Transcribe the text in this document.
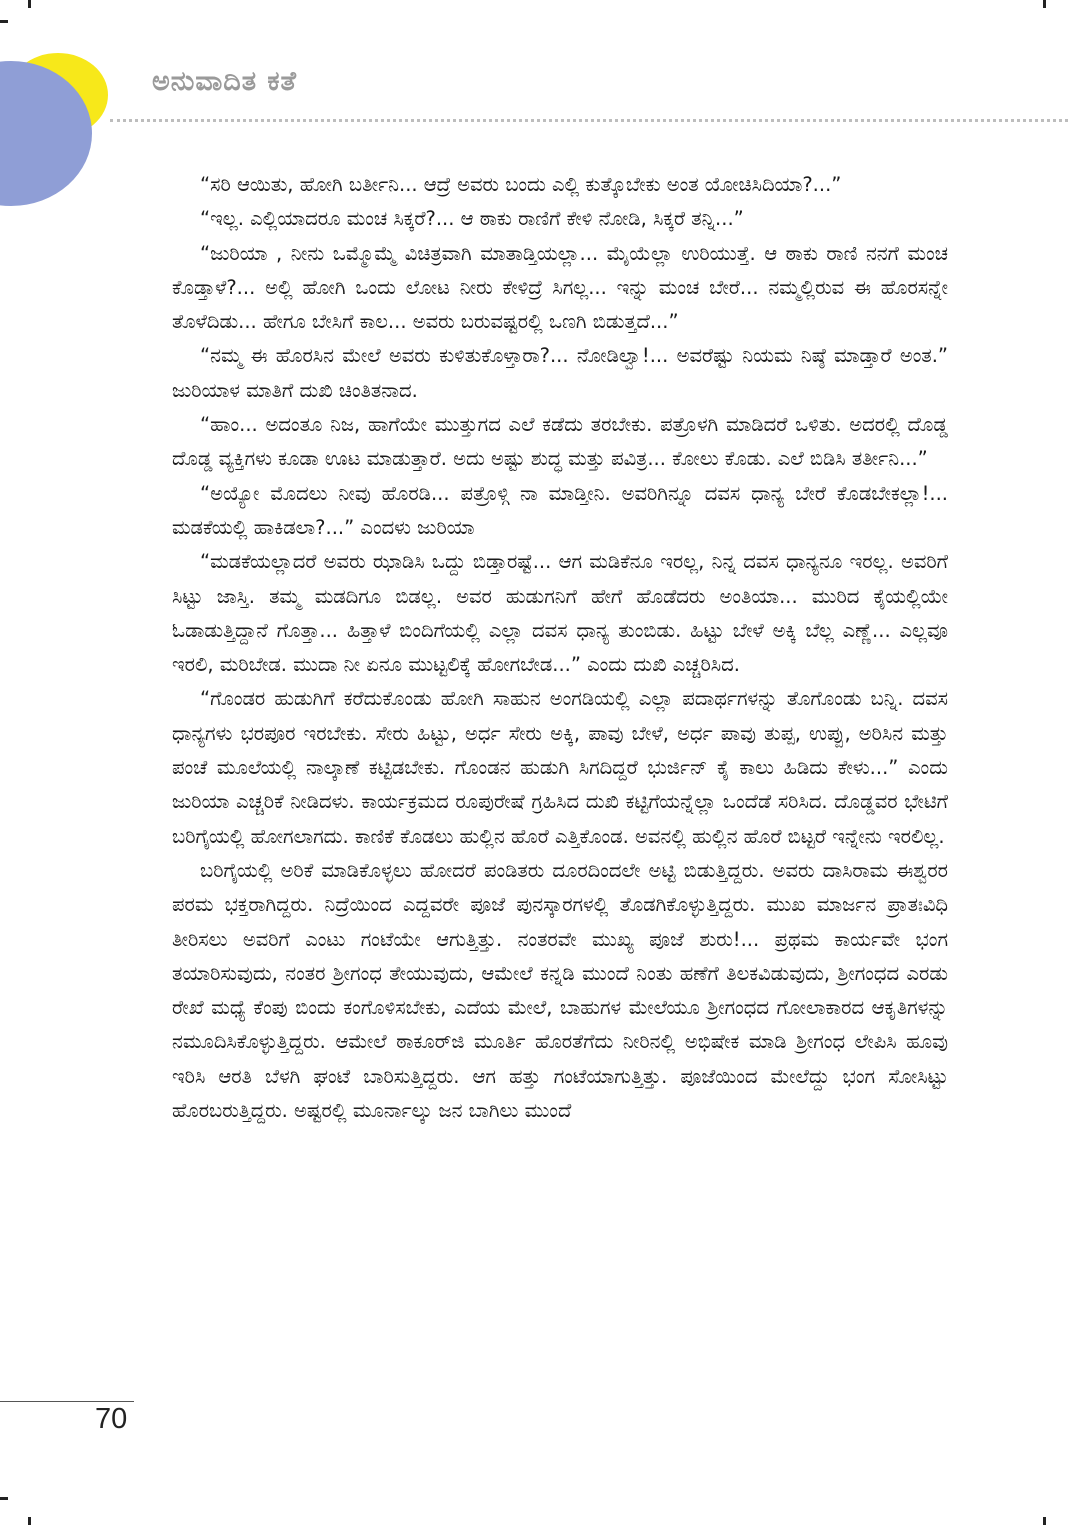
ಅನುವಾದಿತ ಕತೆ

“ಸರಿ ಆಯಿತು, ಹೋಗಿ ಬರ್ತೀನಿ... ಆದ್ರೆ ಅವರು ಬಂದು ಎಲ್ಲಿ ಕುತ್ಕೊಬೇಕು ಅಂತ ಯೋಚಿಸಿದಿಯಾ?...”

“ಇಲ್ಲ. ಎಲ್ಲಿಯಾದರೂ ಮಂಚ ಸಿಕ್ಕರೆ?... ಆ ಠಾಕು ರಾಣಿಗೆ ಕೇಳಿ ನೋಡಿ, ಸಿಕ್ಕರೆ ತನ್ನಿ...”

“ಜುರಿಯಾ , ನೀನು ಒಮ್ಮೊಮ್ಮೆ ವಿಚಿತ್ರವಾಗಿ ಮಾತಾಡ್ತಿಯಲ್ಲಾ... ಮೈಯೆಲ್ಲಾ ಉರಿಯುತ್ತೆ. ಆ ಠಾಕು ರಾಣಿ ನನಗೆ ಮಂಚ ಕೊಡ್ತಾಳೆ?... ಅಲ್ಲಿ ಹೋಗಿ ಒಂದು ಲೋಟ ನೀರು ಕೇಳಿದ್ರೆ ಸಿಗಲ್ಲ... ಇನ್ನು ಮಂಚ ಬೇರೆ... ನಮ್ಮಲ್ಲಿರುವ ಈ ಹೊರಸನ್ನೇ ತೊಳೆದಿಡು... ಹೇಗೂ ಬೇಸಿಗೆ ಕಾಲ... ಅವರು ಬರುವಷ್ಟರಲ್ಲಿ ಒಣಗಿ ಬಿಡುತ್ತದೆ...”

“ನಮ್ಮ ಈ ಹೊರಸಿನ ಮೇಲೆ ಅವರು ಕುಳಿತುಕೊಳ್ತಾರಾ?... ನೋಡಿಲ್ವಾ!... ಅವರೆಷ್ಟು ನಿಯಮ ನಿಷ್ಠೆ ಮಾಡ್ತಾರೆ ಅಂತ.” ಜುರಿಯಾಳ ಮಾತಿಗೆ ದುಖಿ ಚಿಂತಿತನಾದ.

“ಹಾಂ... ಅದಂತೂ ನಿಜ, ಹಾಗೆಯೇ ಮುತ್ತುಗದ ಎಲೆ ಕಡೆದು ತರಬೇಕು. ಪತ್ರೊಳಗಿ ಮಾಡಿದರೆ ಒಳಿತು. ಅದರಲ್ಲಿ ದೊಡ್ಡ ದೊಡ್ಡ ವ್ಯಕ್ತಿಗಳು ಕೂಡಾ ಊಟ ಮಾಡುತ್ತಾರೆ. ಅದು ಅಷ್ಟು ಶುದ್ಧ ಮತ್ತು ಪವಿತ್ರ... ಕೋಲು ಕೊಡು. ಎಲೆ ಬಿಡಿಸಿ ತರ್ತೀನಿ...”

“ಅಯ್ಯೋ ಮೊದಲು ನೀವು ಹೊರಡಿ... ಪತ್ರೊಳ್ಗಿ ನಾ ಮಾಡ್ತೀನಿ. ಅವರಿಗಿನ್ನೂ ದವಸ ಧಾನ್ಯ ಬೇರೆ ಕೊಡಬೇಕಲ್ಲಾ!... ಮಡಕೆಯಲ್ಲಿ ಹಾಕಿಡಲಾ?...” ಎಂದಳು ಜುರಿಯಾ

“ಮಡಕೆಯಲ್ಲಾದರೆ ಅವರು ಝಾಡಿಸಿ ಒದ್ದು ಬಿಡ್ತಾರಷ್ಟೆ... ಆಗ ಮಡಿಕೆನೂ ಇರಲ್ಲ, ನಿನ್ನ ದವಸ ಧಾನ್ಯನೂ ಇರಲ್ಲ. ಅವರಿಗೆ ಸಿಟ್ಟು ಜಾಸ್ತಿ. ತಮ್ಮ ಮಡದಿಗೂ ಬಿಡಲ್ಲ. ಅವರ ಹುಡುಗನಿಗೆ ಹೇಗೆ ಹೊಡೆದರು ಅಂತಿಯಾ... ಮುರಿದ ಕೈಯಲ್ಲಿಯೇ ಓಡಾಡುತ್ತಿದ್ದಾನೆ ಗೊತ್ತಾ... ಹಿತ್ತಾಳೆ ಬಿಂದಿಗೆಯಲ್ಲಿ ಎಲ್ಲಾ ದವಸ ಧಾನ್ಯ ತುಂಬಿಡು. ಹಿಟ್ಟು ಬೇಳೆ ಅಕ್ಕಿ ಬೆಲ್ಲ ಎಣ್ಣೆ... ಎಲ್ಲವೂ ಇರಲಿ, ಮರಿಬೇಡ. ಮುದಾ ನೀ ಏನೂ ಮುಟ್ಟಲಿಕ್ಕೆ ಹೋಗಬೇಡ...” ಎಂದು ದುಖಿ ಎಚ್ಚರಿಸಿದ.

“ಗೊಂಡರ ಹುಡುಗಿಗೆ ಕರೆದುಕೊಂಡು ಹೋಗಿ ಸಾಹುನ ಅಂಗಡಿಯಲ್ಲಿ ಎಲ್ಲಾ ಪದಾರ್ಥಗಳನ್ನು ತೊಗೊಂಡು ಬನ್ನಿ. ದವಸ ಧಾನ್ಯಗಳು ಭರಪೂರ ಇರಬೇಕು. ಸೇರು ಹಿಟ್ಟು, ಅರ್ಧ ಸೇರು ಅಕ್ಕಿ, ಪಾವು ಬೇಳೆ, ಅರ್ಧ ಪಾವು ತುಪ್ಪ, ಉಪ್ಪು, ಅರಿಸಿನ ಮತ್ತು ಪಂಚೆ ಮೂಲೆಯಲ್ಲಿ ನಾಲ್ಕಾಣೆ ಕಟ್ಟಿಡಬೇಕು. ಗೊಂಡನ ಹುಡುಗಿ ಸಿಗದಿದ್ದರೆ ಭುರ್ಜಿನ್ ಕೈ ಕಾಲು ಹಿಡಿದು ಕೇಳು...” ಎಂದು ಜುರಿಯಾ ಎಚ್ಚರಿಕೆ ನೀಡಿದಳು. ಕಾರ್ಯಕ್ರಮದ ರೂಪುರೇಷೆ ಗ್ರಹಿಸಿದ ದುಖಿ ಕಟ್ಟಿಗೆಯನ್ನೆಲ್ಲಾ ಒಂದೆಡೆ ಸರಿಸಿದ. ದೊಡ್ಡವರ ಭೇಟಿಗೆ ಬರಿಗೈಯಲ್ಲಿ ಹೋಗಲಾಗದು. ಕಾಣಿಕೆ ಕೊಡಲು ಹುಲ್ಲಿನ ಹೊರೆ ಎತ್ತಿಕೊಂಡ. ಅವನಲ್ಲಿ ಹುಲ್ಲಿನ ಹೊರೆ ಬಿಟ್ಟರೆ ಇನ್ನೇನು ಇರಲಿಲ್ಲ.

ಬರಿಗೈಯಲ್ಲಿ ಅರಿಕೆ ಮಾಡಿಕೊಳ್ಳಲು ಹೋದರೆ ಪಂಡಿತರು ದೂರದಿಂದಲೇ ಅಟ್ಟಿ ಬಿಡುತ್ತಿದ್ದರು. ಅವರು ದಾಸಿರಾಮ ಈಶ್ವರರ ಪರಮ ಭಕ್ತರಾಗಿದ್ದರು. ನಿದ್ರೆಯಿಂದ ಎದ್ದವರೇ ಪೂಜೆ ಪುನಸ್ಕಾರಗಳಲ್ಲಿ ತೊಡಗಿಕೊಳ್ಳುತ್ತಿದ್ದರು. ಮುಖ ಮಾರ್ಜನ ಪ್ರಾತಃವಿಧಿ ತೀರಿಸಲು ಅವರಿಗೆ ಎಂಟು ಗಂಟೆಯೇ ಆಗುತ್ತಿತ್ತು. ನಂತರವೇ ಮುಖ್ಯ ಪೂಜೆ ಶುರು!... ಪ್ರಥಮ ಕಾರ್ಯವೇ ಭಂಗ ತಯಾರಿಸುವುದು, ನಂತರ ಶ್ರೀಗಂಧ ತೇಯುವುದು, ಆಮೇಲೆ ಕನ್ನಡಿ ಮುಂದೆ ನಿಂತು ಹಣೆಗೆ ತಿಲಕವಿಡುವುದು, ಶ್ರೀಗಂಧದ ಎರಡು ರೇಖೆ ಮಧ್ಯೆ ಕೆಂಪು ಬಿಂದು ಕಂಗೊಳಿಸಬೇಕು, ಎದೆಯ ಮೇಲೆ, ಬಾಹುಗಳ ಮೇಲೆಯೂ ಶ್ರೀಗಂಧದ ಗೋಲಾಕಾರದ ಆಕೃತಿಗಳನ್ನು ನಮೂದಿಸಿಕೊಳ್ಳುತ್ತಿದ್ದರು. ಆಮೇಲೆ ಠಾಕೂರ್‌ಜಿ ಮೂರ್ತಿ ಹೊರತೆಗೆದು ನೀರಿನಲ್ಲಿ ಅಭಿಷೇಕ ಮಾಡಿ ಶ್ರೀಗಂಧ ಲೇಪಿಸಿ ಹೂವು ಇರಿಸಿ ಆರತಿ ಬೆಳಗಿ ಘಂಟೆ ಬಾರಿಸುತ್ತಿದ್ದರು. ಆಗ ಹತ್ತು ಗಂಟೆಯಾಗುತ್ತಿತ್ತು. ಪೂಜೆಯಿಂದ ಮೇಲೆದ್ದು ಭಂಗ ಸೋಸಿಟ್ಟು ಹೊರಬರುತ್ತಿದ್ದರು. ಅಷ್ಟರಲ್ಲಿ ಮೂರ್ನಾಲ್ಕು ಜನ ಬಾಗಿಲು ಮುಂದೆ

70
